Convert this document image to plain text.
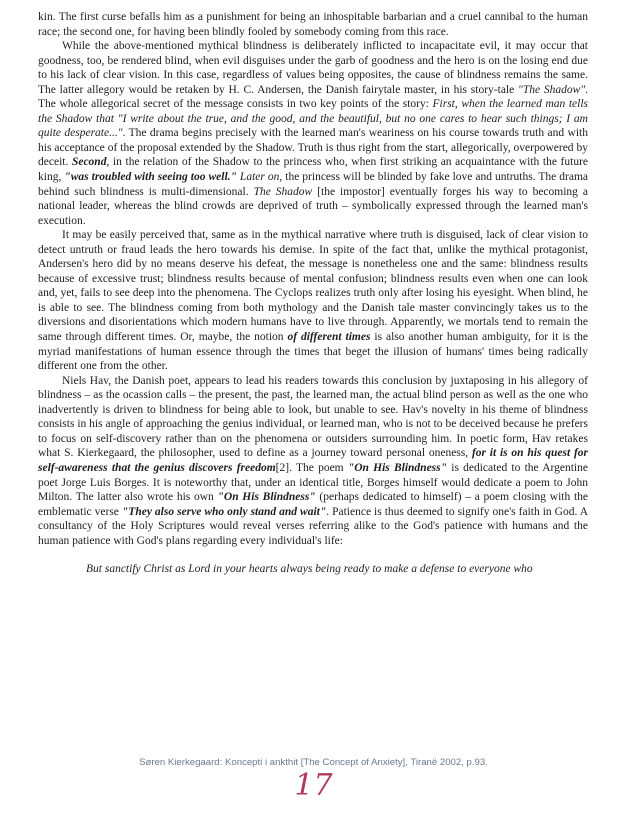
kin. The first curse befalls him as a punishment for being an inhospitable barbarian and a cruel cannibal to the human race; the second one, for having been blindly fooled by somebody coming from this race.

While the above-mentioned mythical blindness is deliberately inflicted to incapacitate evil, it may occur that goodness, too, be rendered blind, when evil disguises under the garb of goodness and the hero is on the losing end due to his lack of clear vision. In this case, regardless of values being opposites, the cause of blindness remains the same. The latter allegory would be retaken by H. C. Andersen, the Danish fairytale master, in his story-tale "The Shadow". The whole allegorical secret of the message consists in two key points of the story: First, when the learned man tells the Shadow that "I write about the true, and the good, and the beautiful, but no one cares to hear such things; I am quite desperate...". The drama begins precisely with the learned man's weariness on his course towards truth and with his acceptance of the proposal extended by the Shadow. Truth is thus right from the start, allegorically, overpowered by deceit. Second, in the relation of the Shadow to the princess who, when first striking an acquaintance with the future king, "was troubled with seeing too well." Later on, the princess will be blinded by fake love and untruths. The drama behind such blindness is multi-dimensional. The Shadow [the impostor] eventually forges his way to becoming a national leader, whereas the blind crowds are deprived of truth – symbolically expressed through the learned man's execution.

It may be easily perceived that, same as in the mythical narrative where truth is disguised, lack of clear vision to detect untruth or fraud leads the hero towards his demise. In spite of the fact that, unlike the mythical protagonist, Andersen's hero did by no means deserve his defeat, the message is nonetheless one and the same: blindness results because of excessive trust; blindness results because of mental confusion; blindness results even when one can look and, yet, fails to see deep into the phenomena. The Cyclops realizes truth only after losing his eyesight. When blind, he is able to see. The blindness coming from both mythology and the Danish tale master convincingly takes us to the diversions and disorientations which modern humans have to live through. Apparently, we mortals tend to remain the same through different times. Or, maybe, the notion of different times is also another human ambiguity, for it is the myriad manifestations of human essence through the times that beget the illusion of humans' times being radically different one from the other.

Niels Hav, the Danish poet, appears to lead his readers towards this conclusion by juxtaposing in his allegory of blindness – as the ocassion calls – the present, the past, the learned man, the actual blind person as well as the one who inadvertently is driven to blindness for being able to look, but unable to see. Hav's novelty in his theme of blindness consists in his angle of approaching the genius individual, or learned man, who is not to be deceived because he prefers to focus on self-discovery rather than on the phenomena or outsiders surrounding him. In poetic form, Hav retakes what S. Kierkegaard, the philosopher, used to define as a journey toward personal oneness, for it is on his quest for self-awareness that the genius discovers freedom[2]. The poem "On His Blindness" is dedicated to the Argentine poet Jorge Luis Borges. It is noteworthy that, under an identical title, Borges himself would dedicate a poem to John Milton. The latter also wrote his own "On His Blindness" (perhaps dedicated to himself) – a poem closing with the emblematic verse "They also serve who only stand and wait". Patience is thus deemed to signify one's faith in God. A consultancy of the Holy Scriptures would reveal verses referring alike to the God's patience with humans and the human patience with God's plans regarding every individual's life:

But sanctify Christ as Lord in your hearts always being ready to make a defense to everyone who
Søren Kierkegaard: Koncepti i ankthit [The Concept of Anxiety], Tiranë 2002, p.93.
17
